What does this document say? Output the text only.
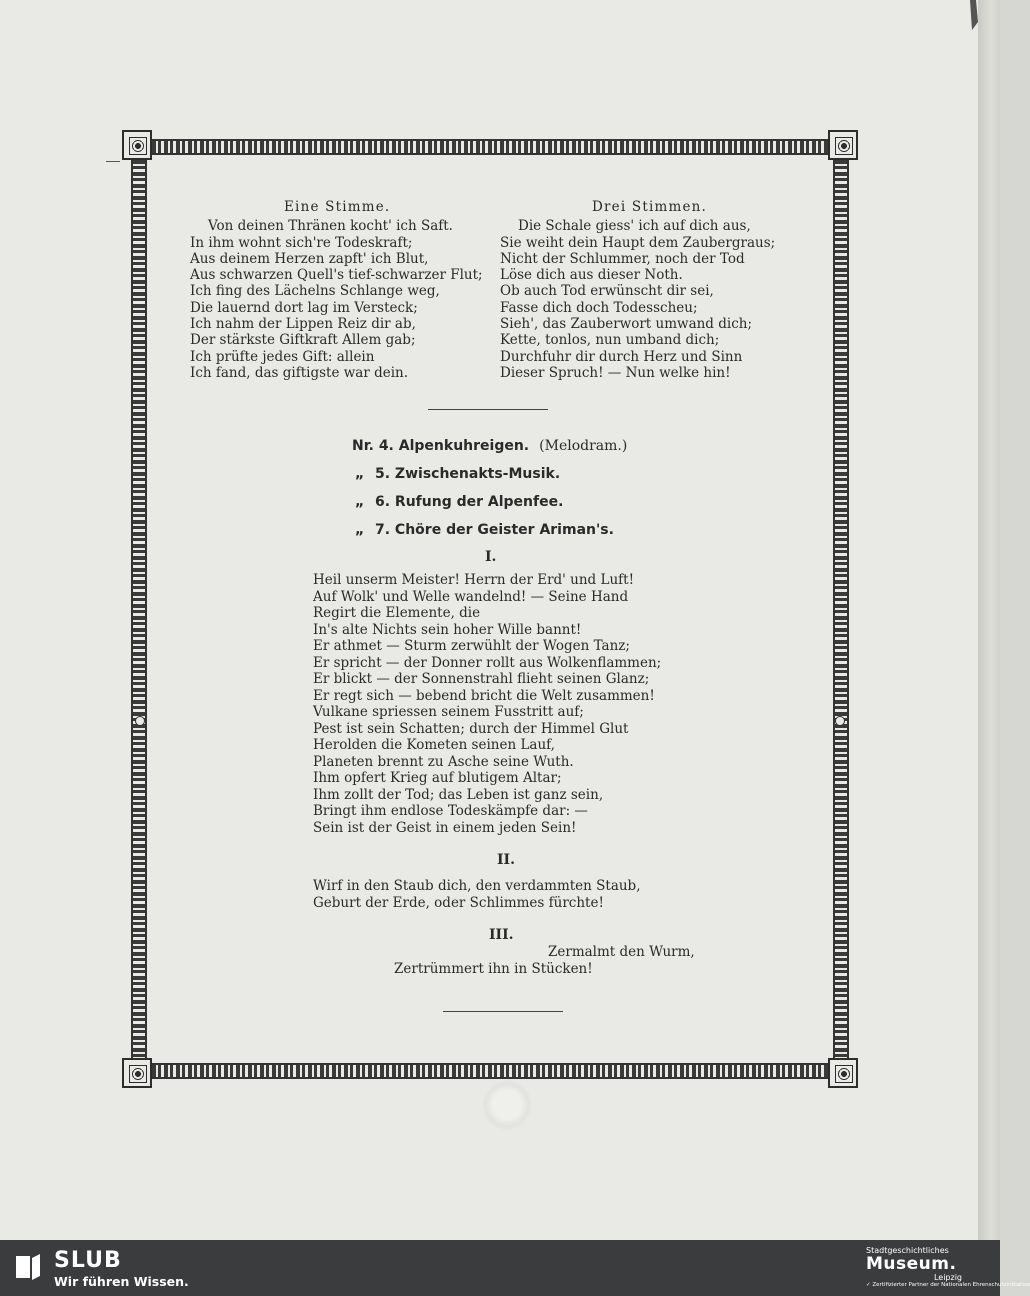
Eine Stimme.
Von deinen Thränen kocht' ich Saft.
In ihm wohnt sich're Todeskraft;
Aus deinem Herzen zapft' ich Blut,
Aus schwarzen Quell's tief-schwarzer Flut;
Ich fing des Lächelns Schlange weg,
Die lauernd dort lag im Versteck;
Ich nahm der Lippen Reiz dir ab,
Der stärkste Giftkraft Allem gab;
Ich prüfte jedes Gift: allein
Ich fand, das giftigste war dein.
Drei Stimmen.
Die Schale giess' ich auf dich aus,
Sie weiht dein Haupt dem Zaubergraus;
Nicht der Schlummer, noch der Tod
Löse dich aus dieser Noth.
Ob auch Tod erwünscht dir sei,
Fasse dich doch Todesscheu;
Sieh', das Zauberwort umwand dich;
Kette, tonlos, nun umband dich;
Durchfuhr dir durch Herz und Sinn
Dieser Spruch! — Nun welke hin!
Nr. 4. Alpenkuhreigen. (Melodram.)
„ 5. Zwischenakts-Musik.
„ 6. Rufung der Alpenfee.
„ 7. Chöre der Geister Ariman's.
I.
Heil unserm Meister! Herrn der Erd' und Luft!
Auf Wolk' und Welle wandelnd! — Seine Hand
Regirt die Elemente, die
In's alte Nichts sein hoher Wille bannt!
Er athmet — Sturm zerwühlt der Wogen Tanz;
Er spricht — der Donner rollt aus Wolkenflammen;
Er blickt — der Sonnenstrahl flieht seinen Glanz;
Er regt sich — bebend bricht die Welt zusammen!
Vulkane spriessen seinem Fusstritt auf;
Pest ist sein Schatten; durch der Himmel Glut
Herolden die Kometen seinen Lauf,
Planeten brennt zu Asche seine Wuth.
Ihm opfert Krieg auf blutigem Altar;
Ihm zollt der Tod; das Leben ist ganz sein,
Bringt ihm endlose Todeskämpfe dar: —
Sein ist der Geist in einem jeden Sein!
II.
Wirf in den Staub dich, den verdammten Staub,
Geburt der Erde, oder Schlimmes fürchte!
III.
Zermalmt den Wurm,
Zertrümmert ihn in Stücken!
SLUB
Wir führen Wissen.
Stadtgeschichtliches
Museum.
Leipzig
✓ Zertifizierter Partner der Nationalen Ehrenschutzinitiative
